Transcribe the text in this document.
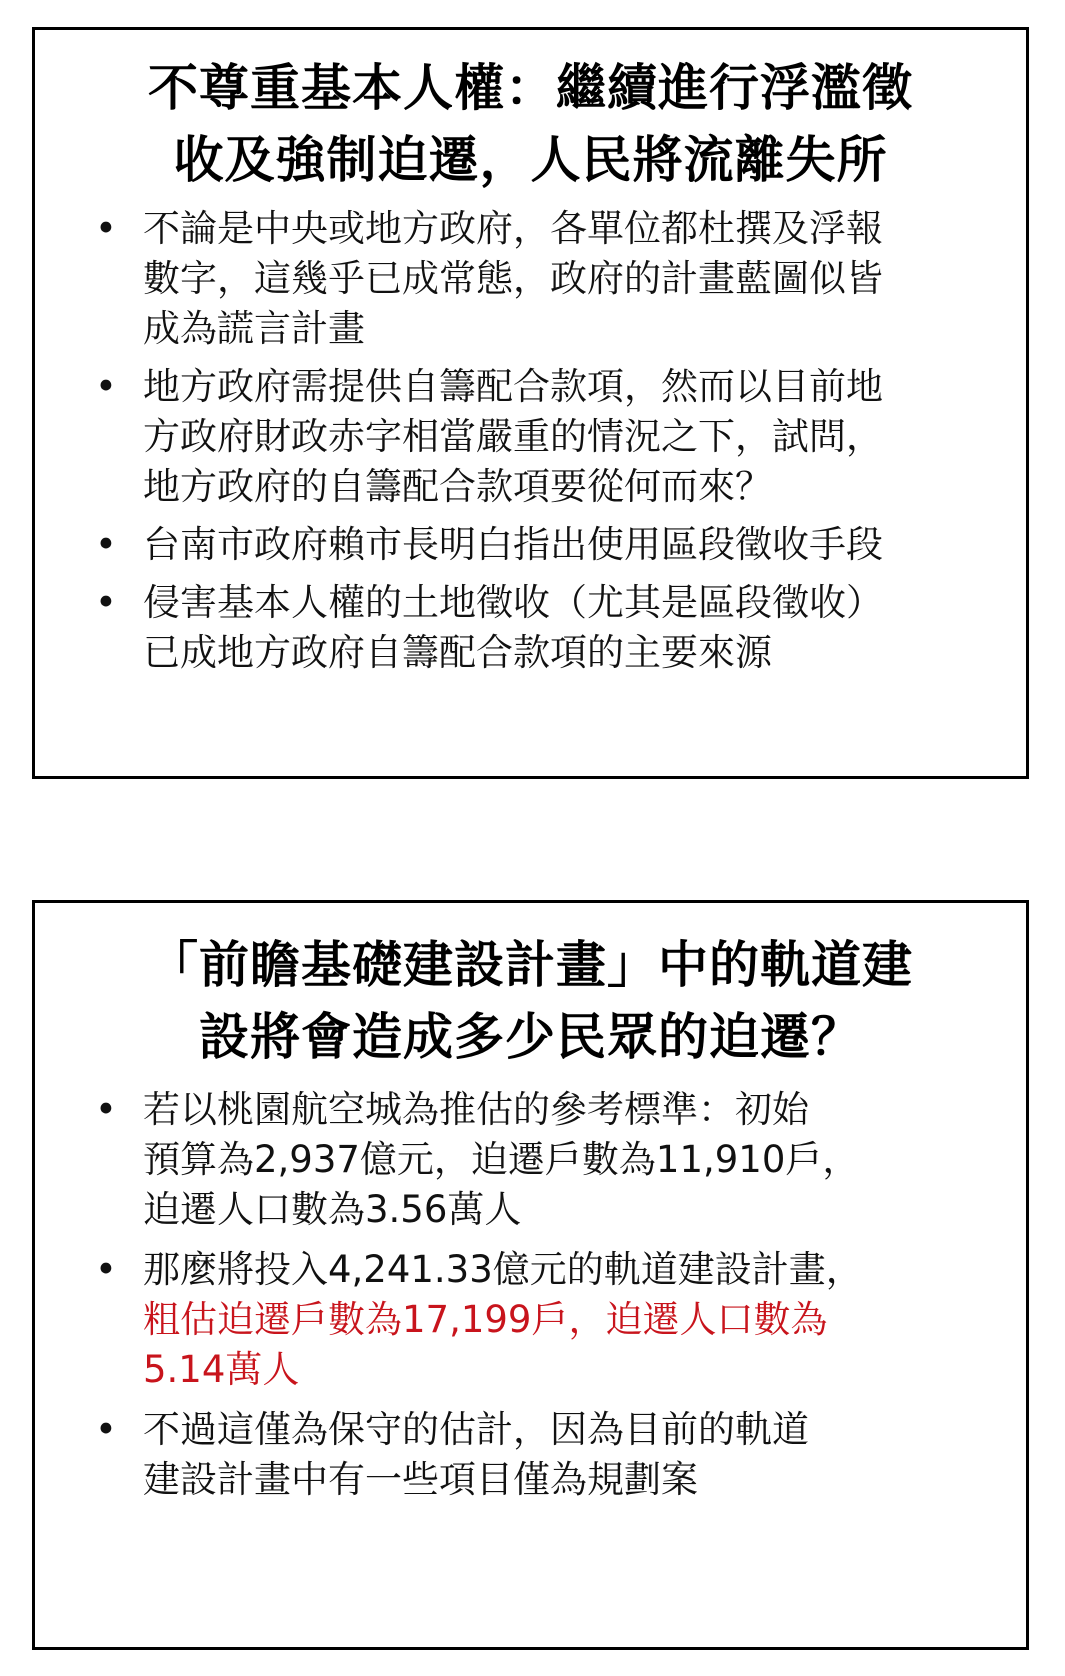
不尊重基本人權：繼續進行浮濫徵
收及強制迫遷，人民將流離失所
• 不論是中央或地方政府，各單位都杜撰及浮報
數字，這幾乎已成常態，政府的計畫藍圖似皆
成為謊言計畫
• 地方政府需提供自籌配合款項，然而以目前地
方政府財政赤字相當嚴重的情況之下，試問，
地方政府的自籌配合款項要從何而來？
• 台南市政府賴市長明白指出使用區段徵收手段
• 侵害基本人權的土地徵收（尤其是區段徵收）
已成地方政府自籌配合款項的主要來源
「前瞻基礎建設計畫」中的軌道建
設將會造成多少民眾的迫遷？
• 若以桃園航空城為推估的參考標準：初始
預算為2,937億元，迫遷戶數為11,910戶，
迫遷人口數為3.56萬人
• 那麼將投入4,241.33億元的軌道建設計畫，
粗估迫遷戶數為17,199戶，迫遷人口數為
5.14萬人
• 不過這僅為保守的估計，因為目前的軌道
建設計畫中有一些項目僅為規劃案
